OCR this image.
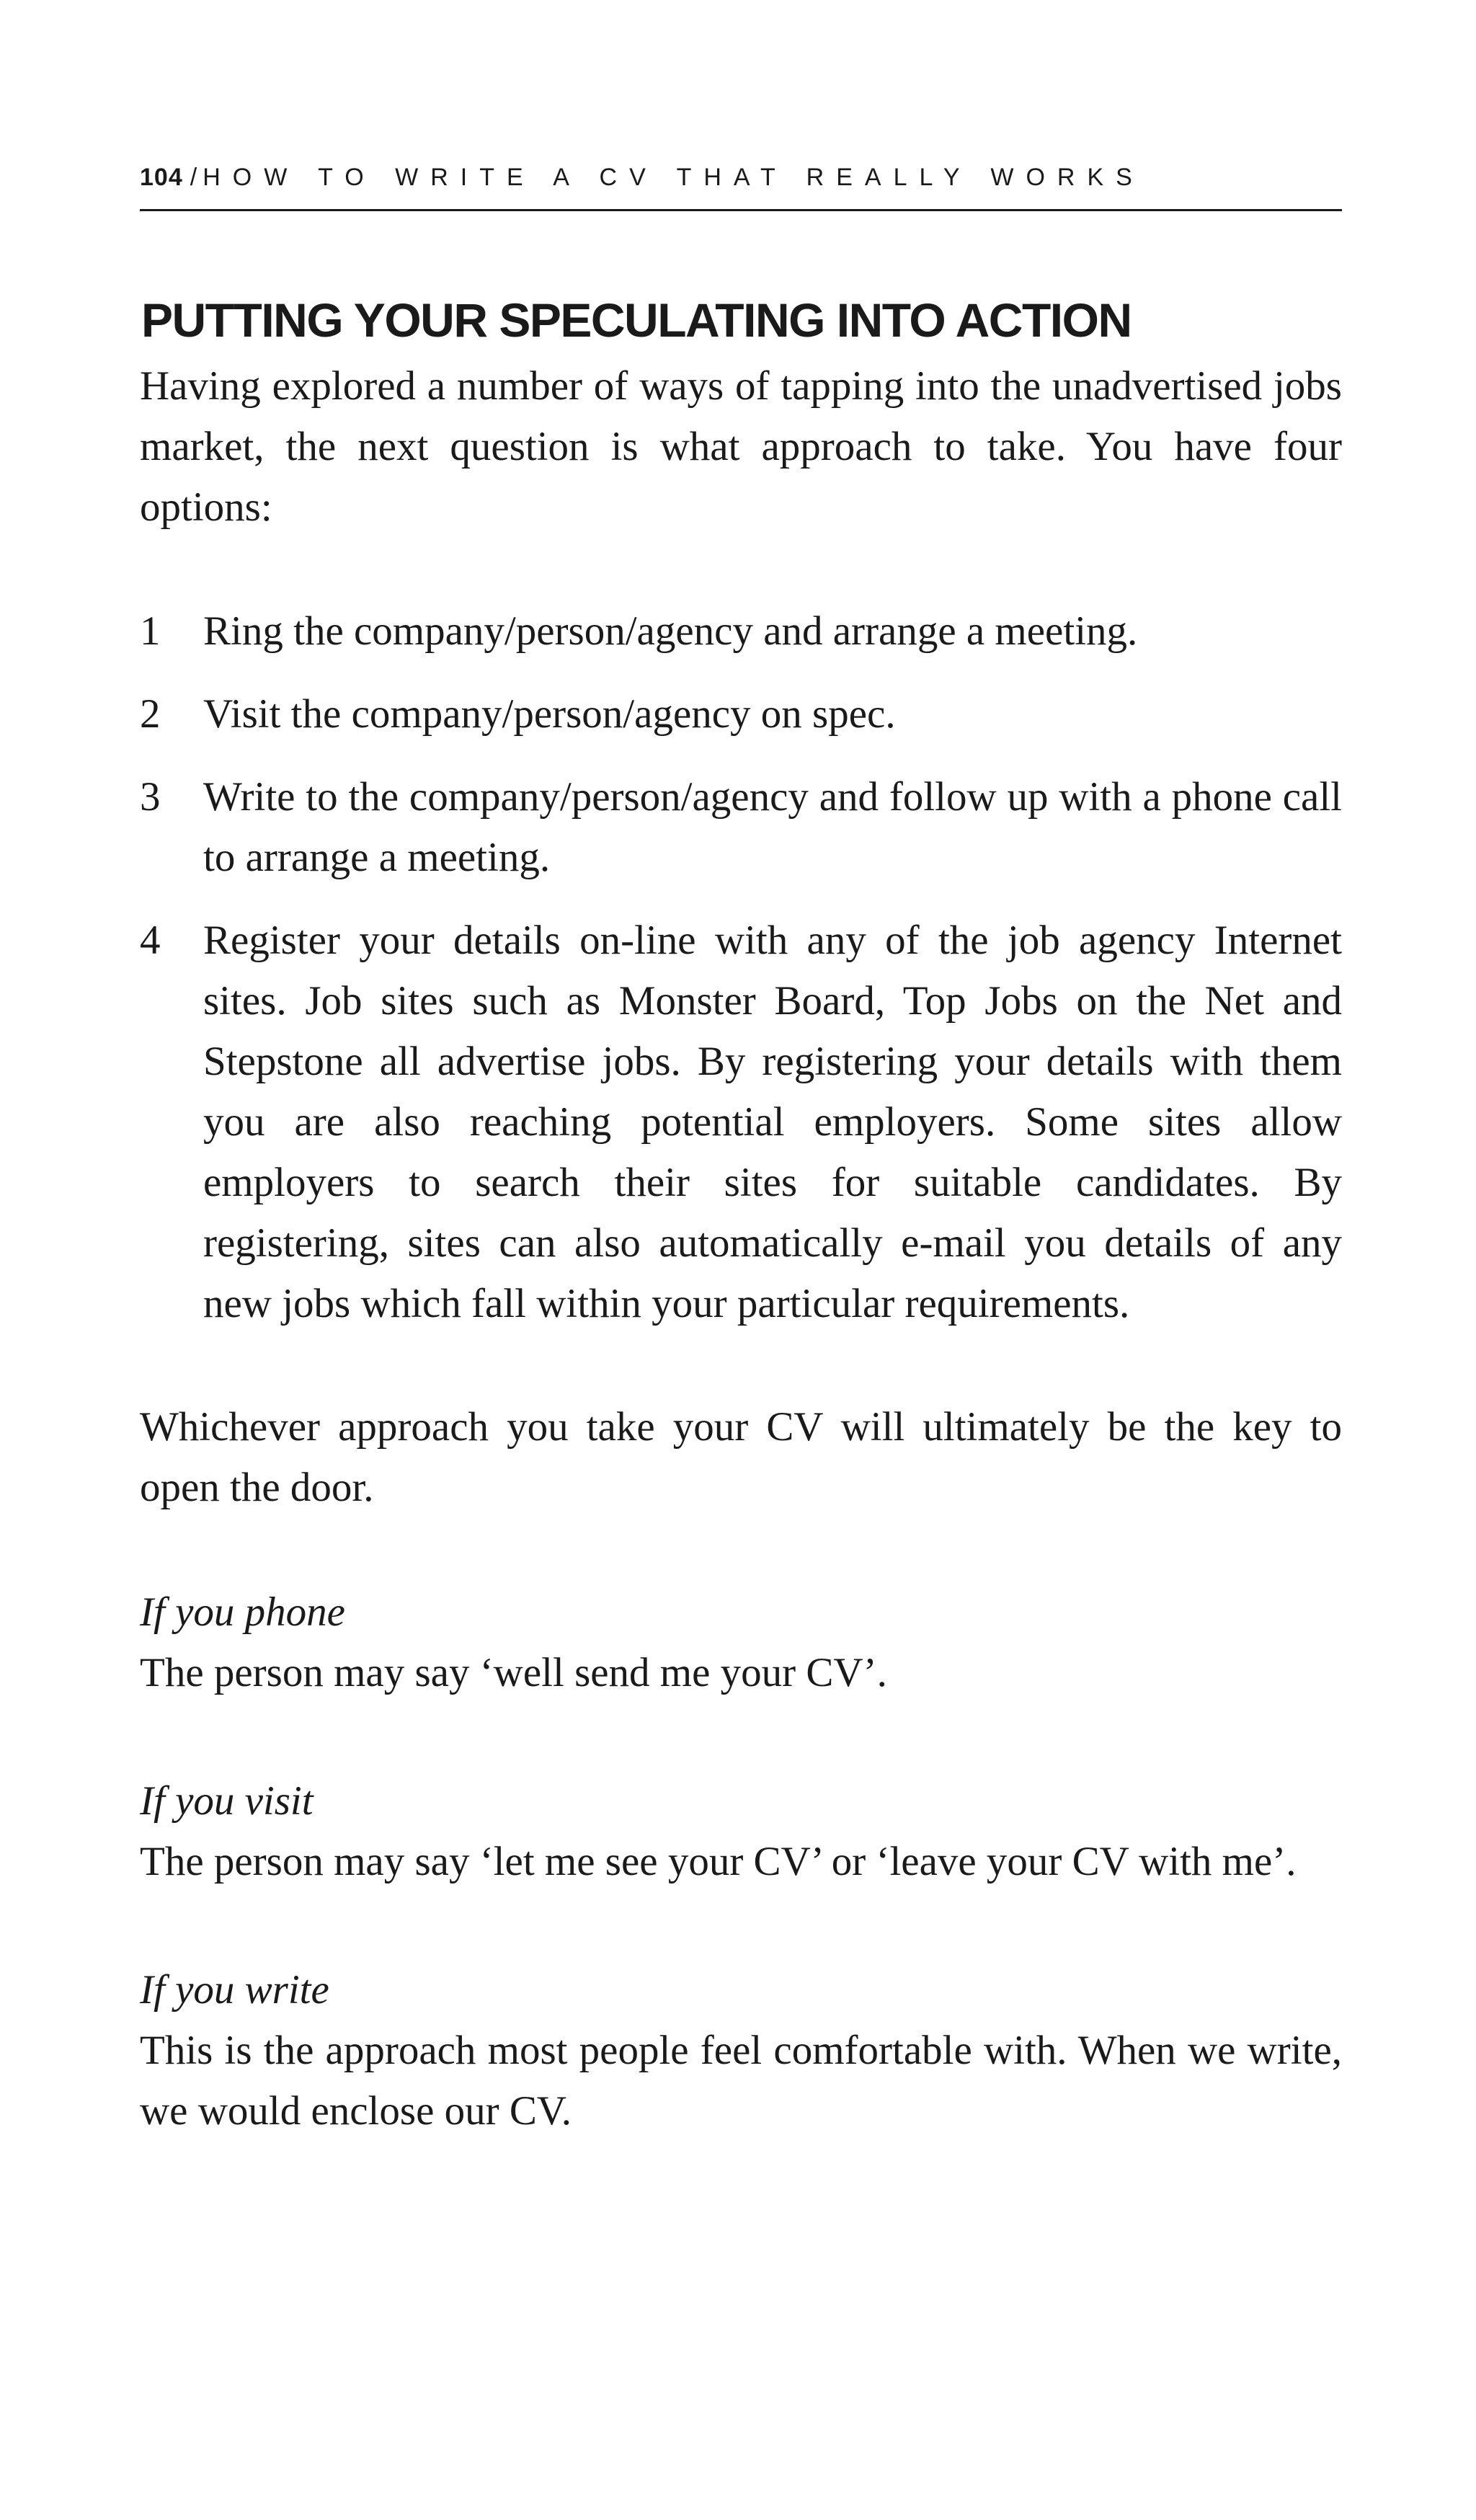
104 / HOW TO WRITE A CV THAT REALLY WORKS
PUTTING YOUR SPECULATING INTO ACTION

Having explored a number of ways of tapping into the unadvertised jobs market, the next question is what approach to take. You have four options:

1 Ring the company/person/agency and arrange a meeting.
2 Visit the company/person/agency on spec.
3 Write to the company/person/agency and follow up with a phone call to arrange a meeting.
4 Register your details on-line with any of the job agency Internet sites. Job sites such as Monster Board, Top Jobs on the Net and Stepstone all advertise jobs. By registering your details with them you are also reaching potential employers. Some sites allow employers to search their sites for suitable candidates. By registering, sites can also automatically e-mail you details of any new jobs which fall within your particular requirements.

Whichever approach you take your CV will ultimately be the key to open the door.

If you phone

The person may say ‘well send me your CV’.

If you visit

The person may say ‘let me see your CV’ or ‘leave your CV with me’.

If you write

This is the approach most people feel comfortable with. When we write, we would enclose our CV.
